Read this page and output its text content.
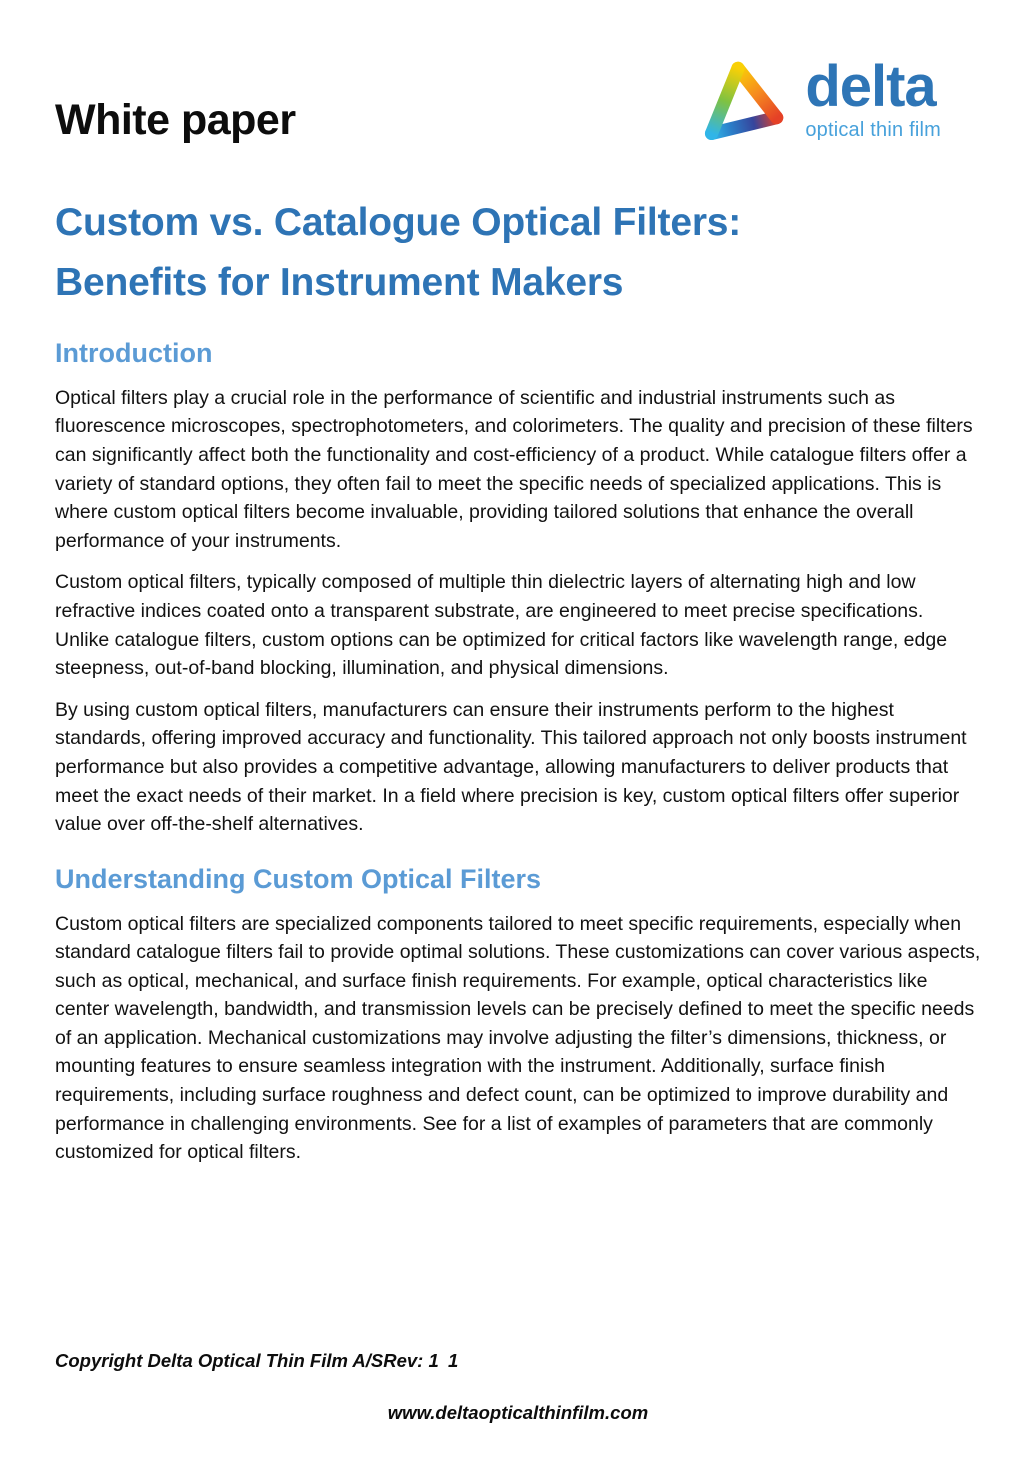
White paper
delta
optical thin film
Custom vs. Catalogue Optical Filters:
Benefits for Instrument Makers
Introduction

Optical filters play a crucial role in the performance of scientific and industrial instruments such as fluorescence microscopes, spectrophotometers, and colorimeters. The quality and precision of these filters can significantly affect both the functionality and cost-efficiency of a product. While catalogue filters offer a variety of standard options, they often fail to meet the specific needs of specialized applications. This is where custom optical filters become invaluable, providing tailored solutions that enhance the overall performance of your instruments.

Custom optical filters, typically composed of multiple thin dielectric layers of alternating high and low refractive indices coated onto a transparent substrate, are engineered to meet precise specifications. Unlike catalogue filters, custom options can be optimized for critical factors like wavelength range, edge steepness, out-of-band blocking, illumination, and physical dimensions.

By using custom optical filters, manufacturers can ensure their instruments perform to the highest standards, offering improved accuracy and functionality. This tailored approach not only boosts instrument performance but also provides a competitive advantage, allowing manufacturers to deliver products that meet the exact needs of their market. In a field where precision is key, custom optical filters offer superior value over off-the-shelf alternatives.

Understanding Custom Optical Filters

Custom optical filters are specialized components tailored to meet specific requirements, especially when standard catalogue filters fail to provide optimal solutions. These customizations can cover various aspects, such as optical, mechanical, and surface finish requirements. For example, optical characteristics like center wavelength, bandwidth, and transmission levels can be precisely defined to meet the specific needs of an application. Mechanical customizations may involve adjusting the filter’s dimensions, thickness, or mounting features to ensure seamless integration with the instrument. Additionally, surface finish requirements, including surface roughness and defect count, can be optimized to improve durability and performance in challenging environments. See for a list of examples of parameters that are commonly customized for optical filters.

Copyright Delta Optical Thin Film A/SRev: 1 1
www.deltaopticalthinfilm.com
